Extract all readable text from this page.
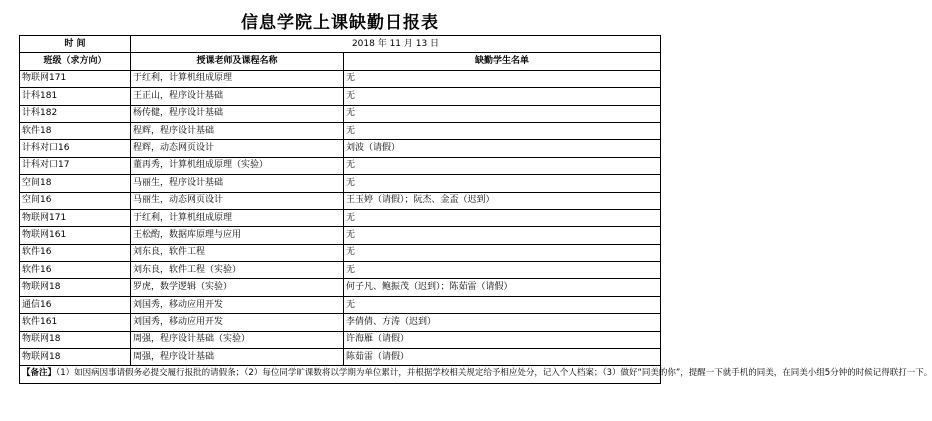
信息学院上课缺勤日报表
时 间	2018 年 11 月 13 日	
班级（求方向）	授课老师及课程名称	缺勤学生名单
物联网171	于红利，计算机组成原理	无
计科181	王正山，程序设计基础	无
计科182	杨传健，程序设计基础	无
软件18	程辉，程序设计基础	无
计科对口16	程辉，动态网页设计	刘波（请假）
计科对口17	董再秀，计算机组成原理（实验）	无
空间18	马丽生，程序设计基础	无
空间16	马丽生，动态网页设计	王玉婷（请假）；阮杰、金盃（迟到）
物联网171	于红利，计算机组成原理	无
物联网161	王松酌，数据库原理与应用	无
软件16	刘东良，软件工程	无
软件16	刘东良，软件工程（实验）	无
物联网18	罗虎，数学逻辑（实验）	何子凡、鲍振茂（迟到）；陈茹雷（请假）
通信16	刘国秀，移动应用开发	无
软件161	刘国秀，移动应用开发	李倩倩、方涛（迟到）
物联网18	周强，程序设计基础（实验）	许海雁（请假）
物联网18	周强，程序设计基础	陈茹雷（请假）
【备注】（1）如因病因事请假务必提交履行报批的请假条；（2）每位同学旷课数将以学期为单位累计，并根据学校相关规定给予相应处分，记入个人档案；（3）做好“同美的你”，提醒一下就手机的同美，在同美小组5分钟的时候记得联打一下。		
